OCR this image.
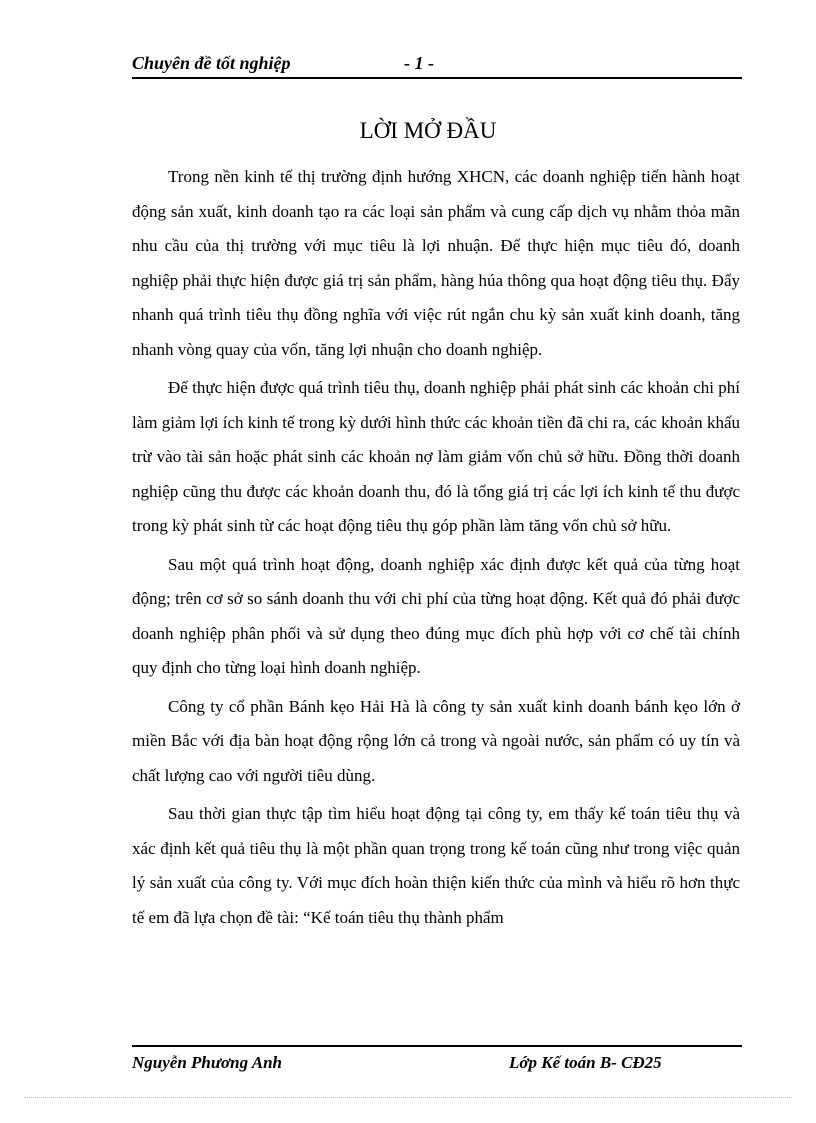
Chuyên đề tốt nghiệp	- 1 -
LỜI MỞ ĐẦU

Trong nền kinh tế thị trường định hướng XHCN, các doanh nghiệp tiến hành hoạt động sản xuất, kinh doanh tạo ra các loại sản phẩm và cung cấp dịch vụ nhằm thỏa mãn nhu cầu của thị trường với mục tiêu là lợi nhuận. Để thực hiện mục tiêu đó, doanh nghiệp phải thực hiện được giá trị sản phẩm, hàng húa thông qua hoạt động tiêu thụ. Đẩy nhanh quá trình tiêu thụ đồng nghĩa với việc rút ngắn chu kỳ sản xuất kinh doanh, tăng nhanh vòng quay của vốn, tăng lợi nhuận cho doanh nghiệp.

Để thực hiện được quá trình tiêu thụ, doanh nghiệp phải phát sinh các khoản chi phí làm giảm lợi ích kinh tế trong kỳ dưới hình thức các khoản tiền đã chi ra, các khoản khấu trừ vào tài sản hoặc phát sinh các khoản nợ làm giảm vốn chủ sở hữu. Đồng thời doanh nghiệp cũng thu được các khoản doanh thu, đó là tổng giá trị các lợi ích kinh tế thu được trong kỳ phát sinh từ các hoạt động tiêu thụ góp phần làm tăng vốn chủ sở hữu.

Sau một quá trình hoạt động, doanh nghiệp xác định được kết quả của từng hoạt động; trên cơ sở so sánh doanh thu với chi phí của từng hoạt động. Kết quả đó phải được doanh nghiệp phân phối và sử dụng theo đúng mục đích phù hợp với cơ chế tài chính quy định cho từng loại hình doanh nghiệp.

Công ty cổ phần Bánh kẹo Hải Hà là công ty sản xuất kinh doanh bánh kẹo lớn ở miền Bắc với địa bàn hoạt động rộng lớn cả trong và ngoài nước, sản phẩm có uy tín và chất lượng cao với người tiêu dùng.

Sau thời gian thực tập tìm hiểu hoạt động tại công ty, em thấy kế toán tiêu thụ và xác định kết quả tiêu thụ là một phần quan trọng trong kế toán cũng như trong việc quản lý sản xuất của công ty. Với mục đích hoàn thiện kiến thức của mình và hiểu rõ hơn thực tế em đã lựa chọn đề tài: “Kế toán tiêu thụ thành phẩm

Nguyễn Phương Anh	Lớp Kế toán B- CĐ25
